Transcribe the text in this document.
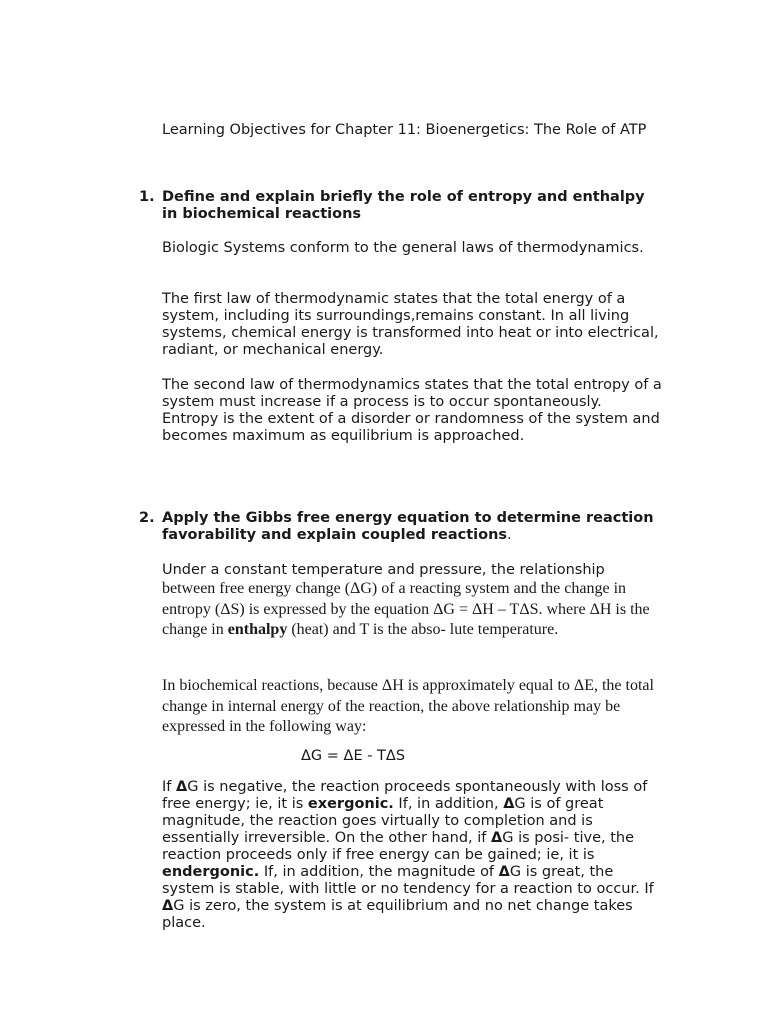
Learning Objectives for Chapter 11: Bioenergetics: The Role of ATP

1. Define and explain briefly the role of entropy and enthalpy in biochemical reactions

Biologic Systems conform to the general laws of thermodynamics.

The first law of thermodynamic states that the total energy of a system, including its surroundings,remains constant. In all living systems, chemical energy is transformed into heat or into electrical, radiant, or mechanical energy.

The second law of thermodynamics states that the total entropy of a system must increase if a process is to occur spontaneously. Entropy is the extent of a disorder or randomness of the system and becomes maximum as equilibrium is approached.

2. Apply the Gibbs free energy equation to determine reaction favorability and explain coupled reactions.

Under a constant temperature and pressure, the relationship

between free energy change (ΔG) of a reacting system and the change in entropy (ΔS) is expressed by the equation ΔG = ΔH – TΔS. where ΔH is the change in enthalpy (heat) and T is the abso- lute temperature.

In biochemical reactions, because ΔH is approximately equal to ΔE, the total change in internal energy of the reaction, the above relationship may be expressed in the following way:

ΔG = ΔE - TΔS

If ΔG is negative, the reaction proceeds spontaneously with loss of free energy; ie, it is exergonic. If, in addition, ΔG is of great magnitude, the reaction goes virtually to completion and is essentially irreversible. On the other hand, if ΔG is posi- tive, the reaction proceeds only if free energy can be gained; ie, it is endergonic. If, in addition, the magnitude of ΔG is great, the system is stable, with little or no tendency for a reaction to occur. If ΔG is zero, the system is at equilibrium and no net change takes place.
